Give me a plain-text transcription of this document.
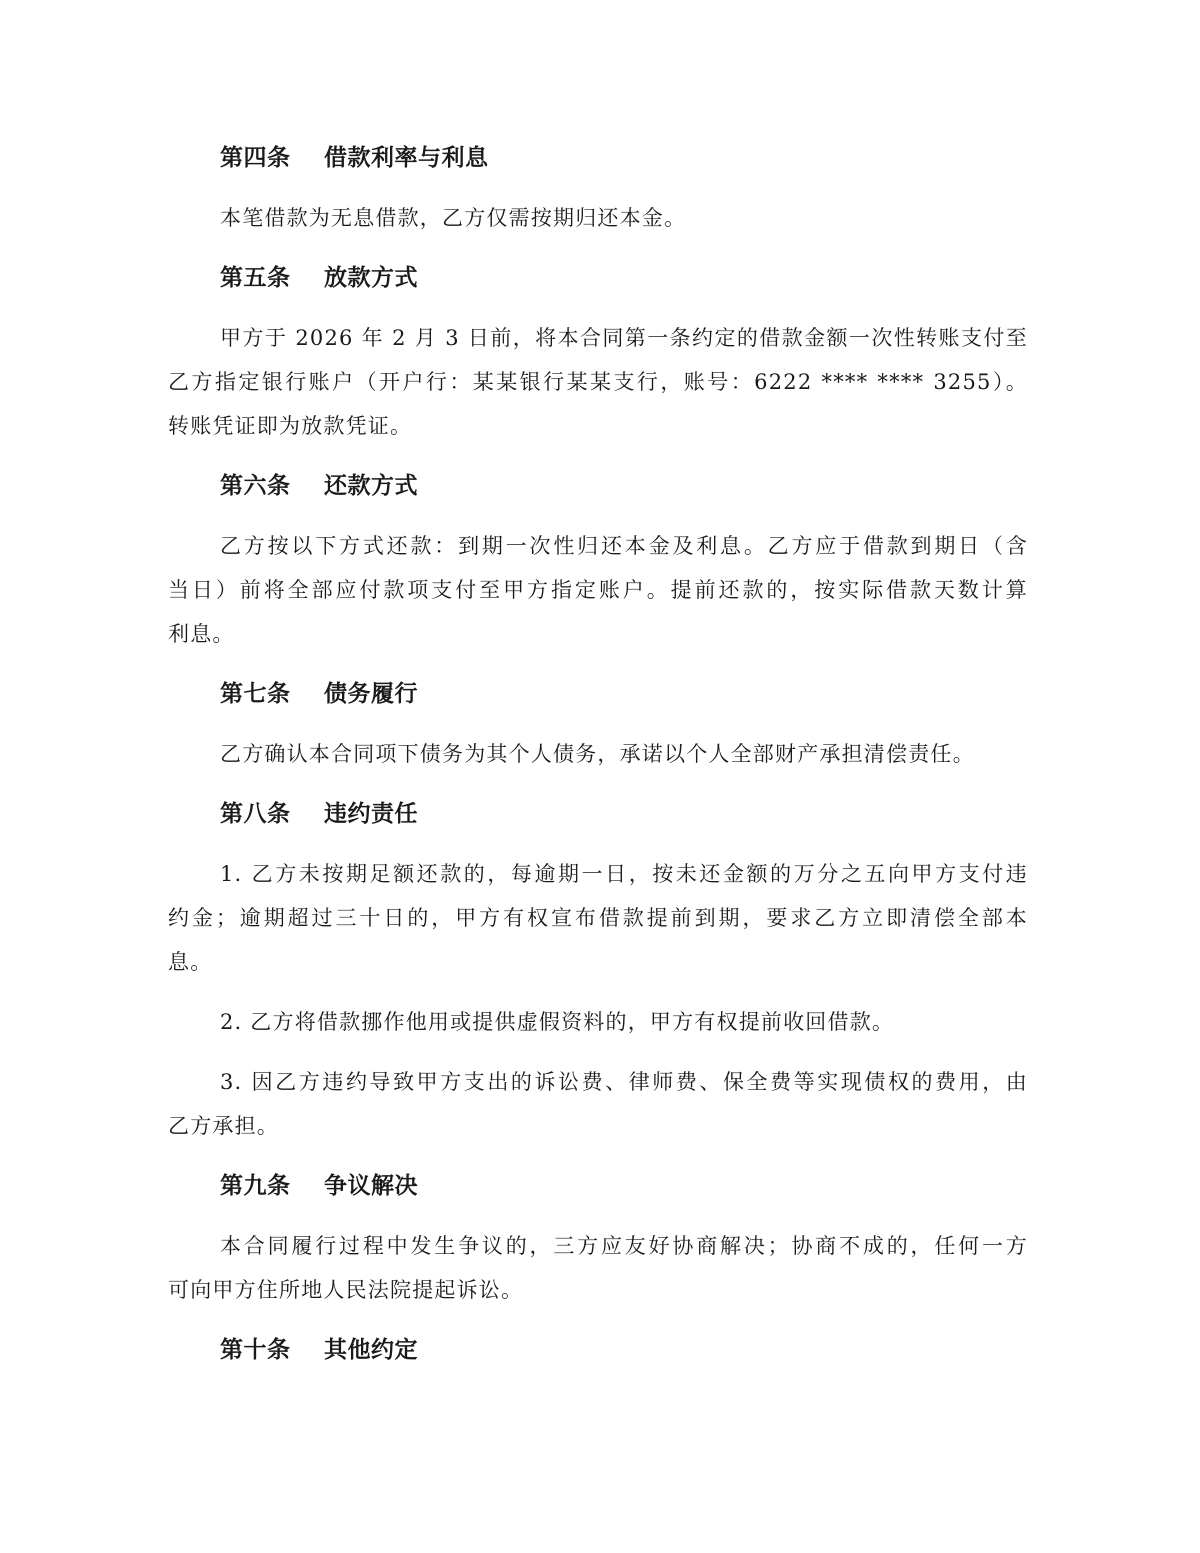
第四条 借款利率与利息
本笔借款为无息借款，乙方仅需按期归还本金。
第五条 放款方式
甲方于 2026 年 2 月 3 日前，将本合同第一条约定的借款金额一次性转账支付至
乙方指定银行账户（开户行：某某银行某某支行，账号：6222 **** **** 3255）。
转账凭证即为放款凭证。
第六条 还款方式
乙方按以下方式还款：到期一次性归还本金及利息。乙方应于借款到期日（含
当日）前将全部应付款项支付至甲方指定账户。提前还款的，按实际借款天数计算
利息。
第七条 债务履行
乙方确认本合同项下债务为其个人债务，承诺以个人全部财产承担清偿责任。
第八条 违约责任
1. 乙方未按期足额还款的，每逾期一日，按未还金额的万分之五向甲方支付违
约金；逾期超过三十日的，甲方有权宣布借款提前到期，要求乙方立即清偿全部本
息。
2. 乙方将借款挪作他用或提供虚假资料的，甲方有权提前收回借款。
3. 因乙方违约导致甲方支出的诉讼费、律师费、保全费等实现债权的费用，由
乙方承担。
第九条 争议解决
本合同履行过程中发生争议的，三方应友好协商解决；协商不成的，任何一方
可向甲方住所地人民法院提起诉讼。
第十条 其他约定
